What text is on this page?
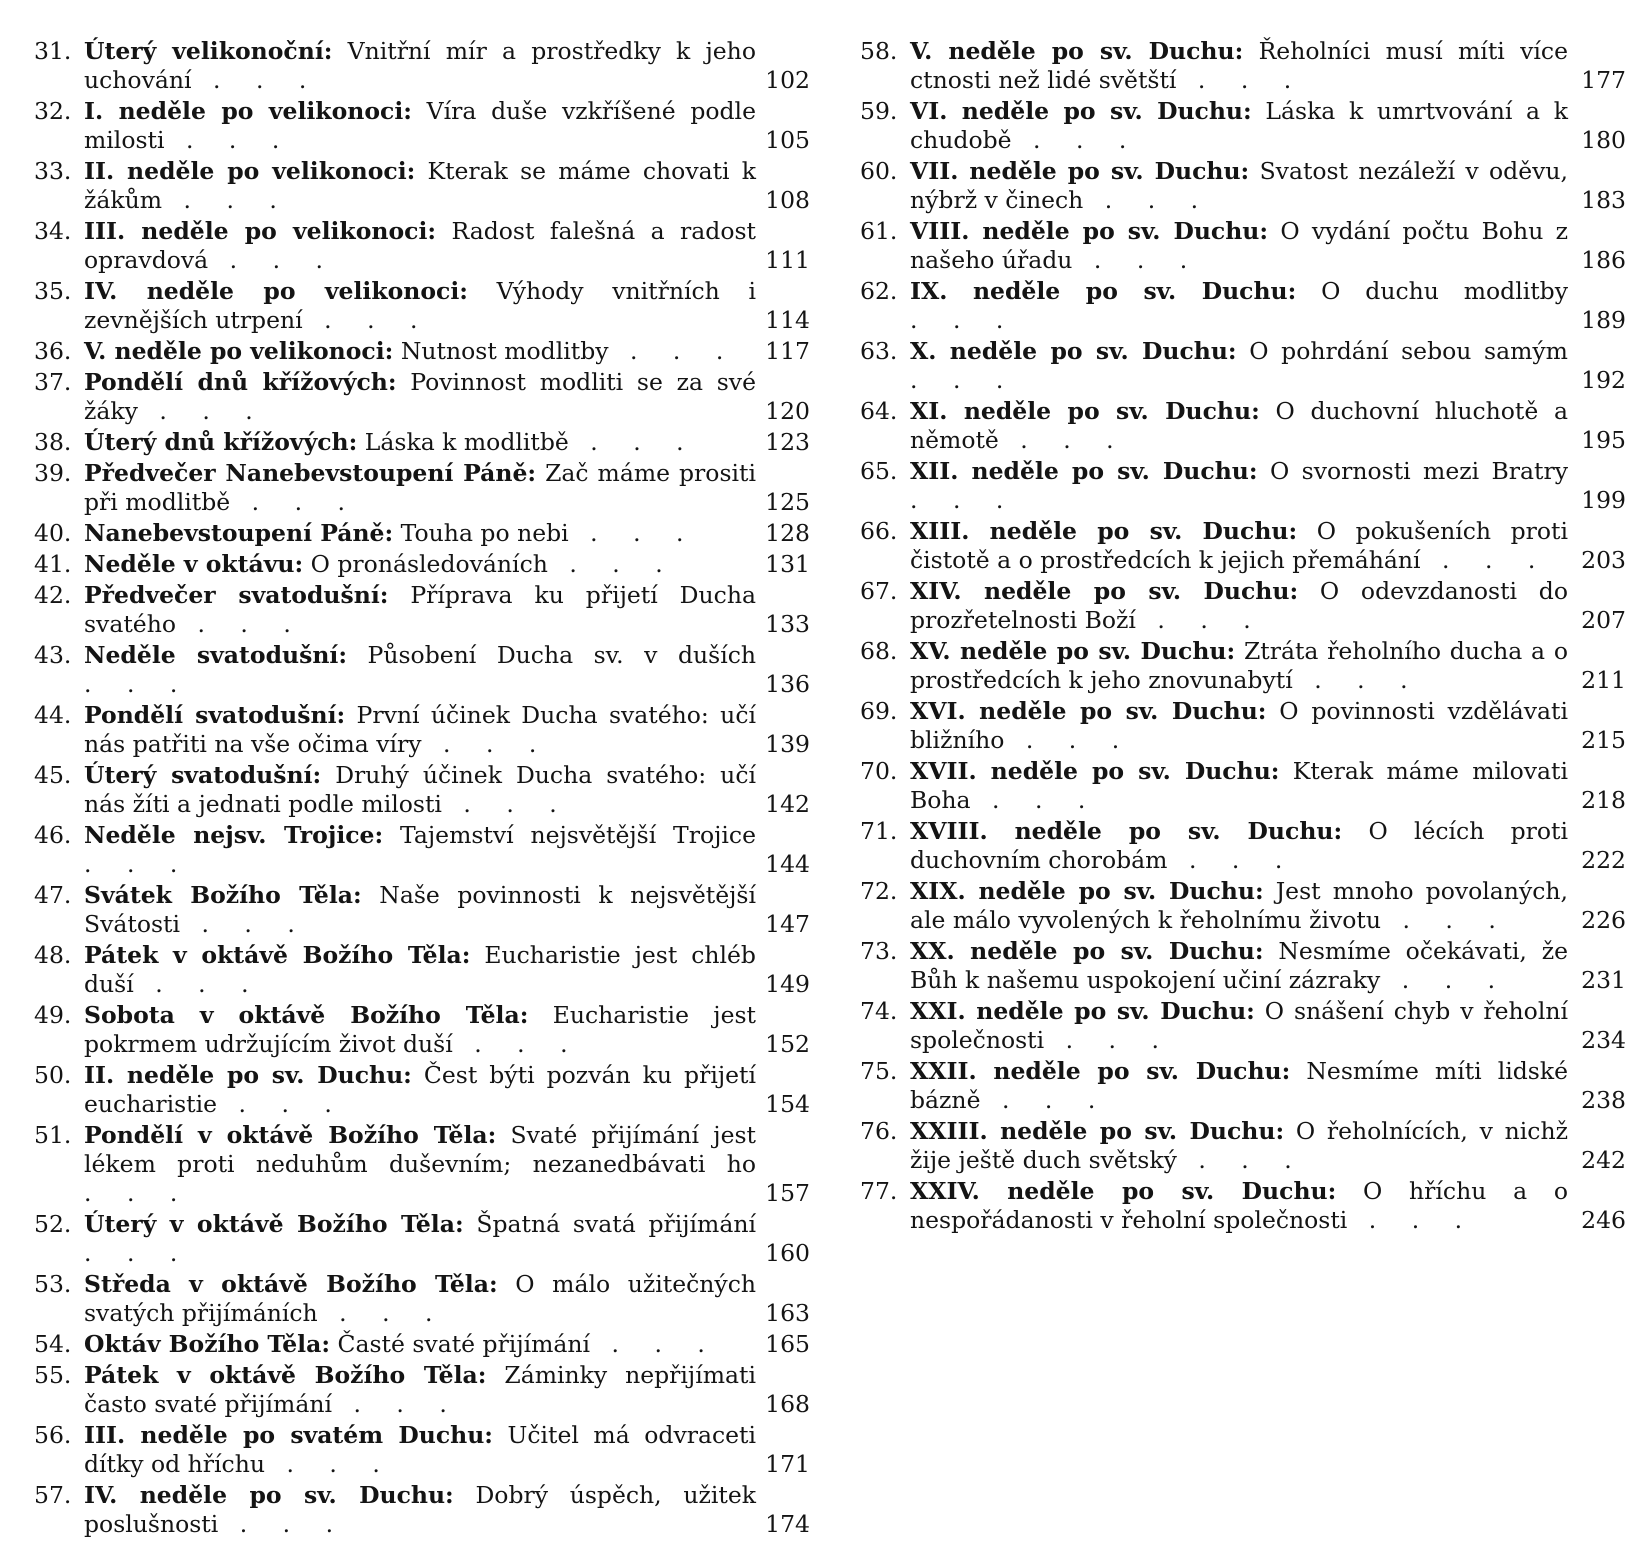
31. Úterý velikonoční: Vnitřní mír a prostředky k jeho uchování . . .	102
32. I. neděle po velikonoci: Víra duše vzkříšené podle milosti . . .	105
33. II. neděle po velikonoci: Kterak se máme chovati k žákům . . .	108
34. III. neděle po velikonoci: Radost falešná a radost opravdová . . .	111
35. IV. neděle po velikonoci: Výhody vnitřních i zevnějších utrpení . . .	114
36. V. neděle po velikonoci: Nutnost modlitby . . .	117
37. Pondělí dnů křížových: Povinnost modliti se za své žáky . . .	120
38. Úterý dnů křížových: Láska k modlitbě . . .	123
39. Předvečer Nanebevstoupení Páně: Zač máme prositi při modlitbě . . .	125
40. Nanebevstoupení Páně: Touha po nebi . . .	128
41. Neděle v oktávu: O pronásledováních . . .	131
42. Předvečer svatodušní: Příprava ku přijetí Ducha svatého . . .	133
43. Neděle svatodušní: Působení Ducha sv. v duších . . .	136
44. Pondělí svatodušní: První účinek Ducha svatého: učí nás patřiti na vše očima víry . . .	139
45. Úterý svatodušní: Druhý účinek Ducha svatého: učí nás žíti a jednati podle milosti . . .	142
46. Neděle nejsv. Trojice: Tajemství nejsvětější Trojice . . .	144
47. Svátek Božího Těla: Naše povinnosti k nejsvětější Svátosti . . .	147
48. Pátek v oktávě Božího Těla: Eucharistie jest chléb duší . . .	149
49. Sobota v oktávě Božího Těla: Eucharistie jest pokrmem udržujícím život duší . . .	152
50. II. neděle po sv. Duchu: Čest býti pozván ku přijetí eucharistie . . .	154
51. Pondělí v oktávě Božího Těla: Svaté přijímání jest lékem proti neduhům duševním; nezanedbávati ho . . .	157
52. Úterý v oktávě Božího Těla: Špatná svatá přijímání . . .	160
53. Středa v oktávě Božího Těla: O málo užitečných svatých přijímáních . . .	163
54. Oktáv Božího Těla: Časté svaté přijímání . . .	165
55. Pátek v oktávě Božího Těla: Záminky nepřijímati často svaté přijímání . . .	168
56. III. neděle po svatém Duchu: Učitel má odvraceti dítky od hříchu . . .	171
57. IV. neděle po sv. Duchu: Dobrý úspěch, užitek poslušnosti . . .	174
58. V. neděle po sv. Duchu: Řeholníci musí míti více ctnosti než lidé světští . . .	177
59. VI. neděle po sv. Duchu: Láska k umrtvování a k chudobě . . .	180
60. VII. neděle po sv. Duchu: Svatost nezáleží v oděvu, nýbrž v činech . . .	183
61. VIII. neděle po sv. Duchu: O vydání počtu Bohu z našeho úřadu . . .	186
62. IX. neděle po sv. Duchu: O duchu modlitby . . .	189
63. X. neděle po sv. Duchu: O pohrdání sebou samým . . .	192
64. XI. neděle po sv. Duchu: O duchovní hluchotě a němotě . . .	195
65. XII. neděle po sv. Duchu: O svornosti mezi Bratry . . .	199
66. XIII. neděle po sv. Duchu: O pokušeních proti čistotě a o prostředcích k jejich přemáhání . . .	203
67. XIV. neděle po sv. Duchu: O odevzdanosti do prozřetelnosti Boží . . .	207
68. XV. neděle po sv. Duchu: Ztráta řeholního ducha a o prostředcích k jeho znovunabytí . . .	211
69. XVI. neděle po sv. Duchu: O povinnosti vzdělávati bližního . . .	215
70. XVII. neděle po sv. Duchu: Kterak máme milovati Boha . . .	218
71. XVIII. neděle po sv. Duchu: O lécích proti duchovním chorobám . . .	222
72. XIX. neděle po sv. Duchu: Jest mnoho povolaných, ale málo vyvolených k řeholnímu životu . . .	226
73. XX. neděle po sv. Duchu: Nesmíme očekávati, že Bůh k našemu uspokojení učiní zázraky . . .	231
74. XXI. neděle po sv. Duchu: O snášení chyb v řeholní společnosti . . .	234
75. XXII. neděle po sv. Duchu: Nesmíme míti lidské bázně . . .	238
76. XXIII. neděle po sv. Duchu: O řeholnících, v nichž žije ještě duch světský . . .	242
77. XXIV. neděle po sv. Duchu: O hříchu a o nespořádanosti v řeholní společnosti . . .	246
